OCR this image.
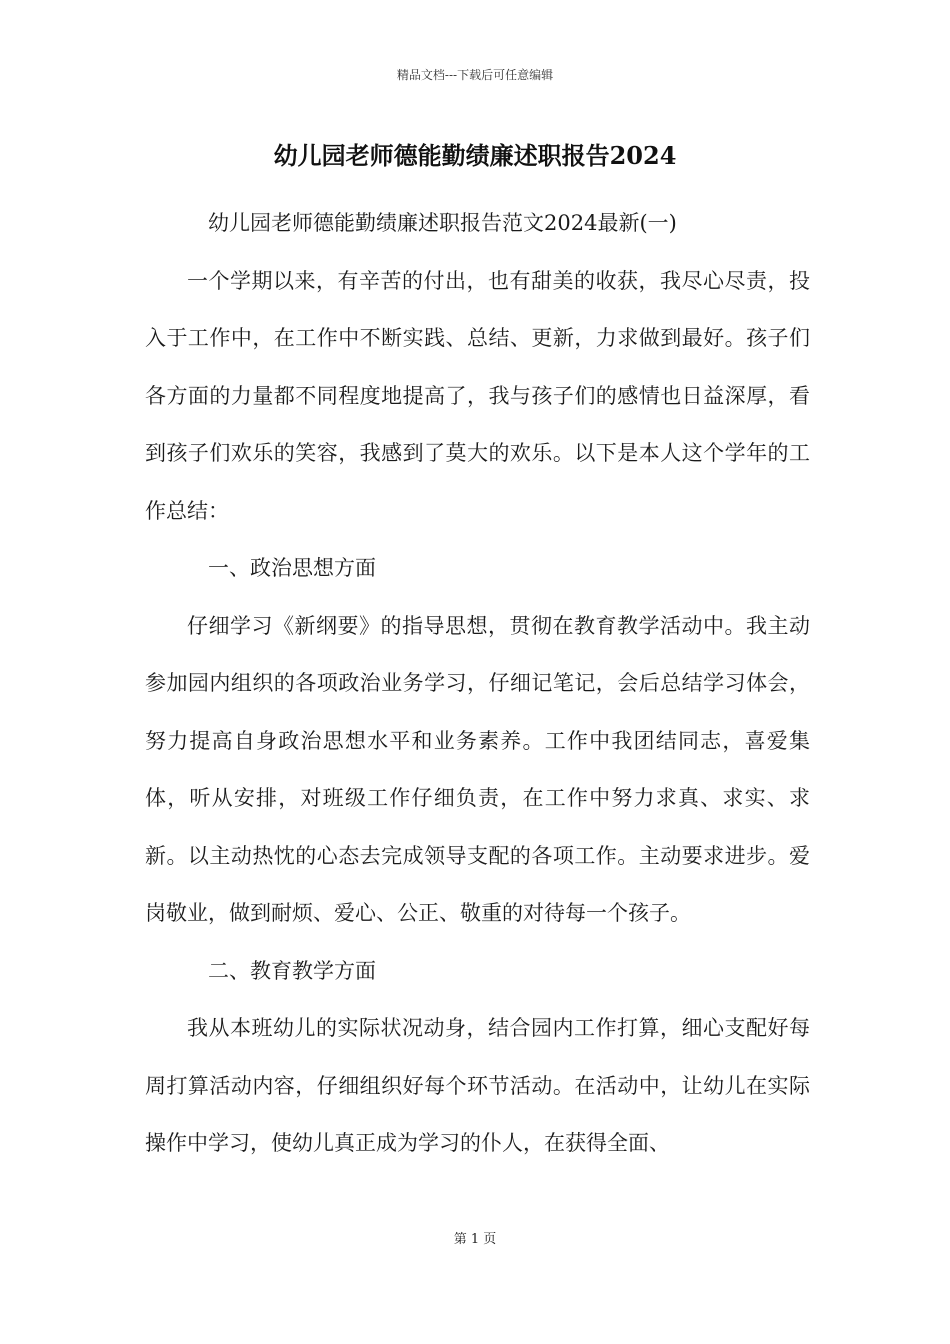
精品文档---下载后可任意编辑
幼儿园老师德能勤绩廉述职报告2024

幼儿园老师德能勤绩廉述职报告范文2024最新(一)

一个学期以来，有辛苦的付出，也有甜美的收获，我尽心尽责，投入于工作中，在工作中不断实践、总结、更新，力求做到最好。孩子们各方面的力量都不同程度地提高了，我与孩子们的感情也日益深厚，看到孩子们欢乐的笑容，我感到了莫大的欢乐。以下是本人这个学年的工作总结：

一、政治思想方面

仔细学习《新纲要》的指导思想，贯彻在教育教学活动中。我主动参加园内组织的各项政治业务学习，仔细记笔记，会后总结学习体会，努力提高自身政治思想水平和业务素养。工作中我团结同志，喜爱集体，听从安排，对班级工作仔细负责，在工作中努力求真、求实、求新。以主动热忱的心态去完成领导支配的各项工作。主动要求进步。爱岗敬业，做到耐烦、爱心、公正、敬重的对待每一个孩子。

二、教育教学方面

我从本班幼儿的实际状况动身，结合园内工作打算，细心支配好每周打算活动内容，仔细组织好每个环节活动。在活动中，让幼儿在实际操作中学习，使幼儿真正成为学习的仆人，在获得全面、

第 1 页
